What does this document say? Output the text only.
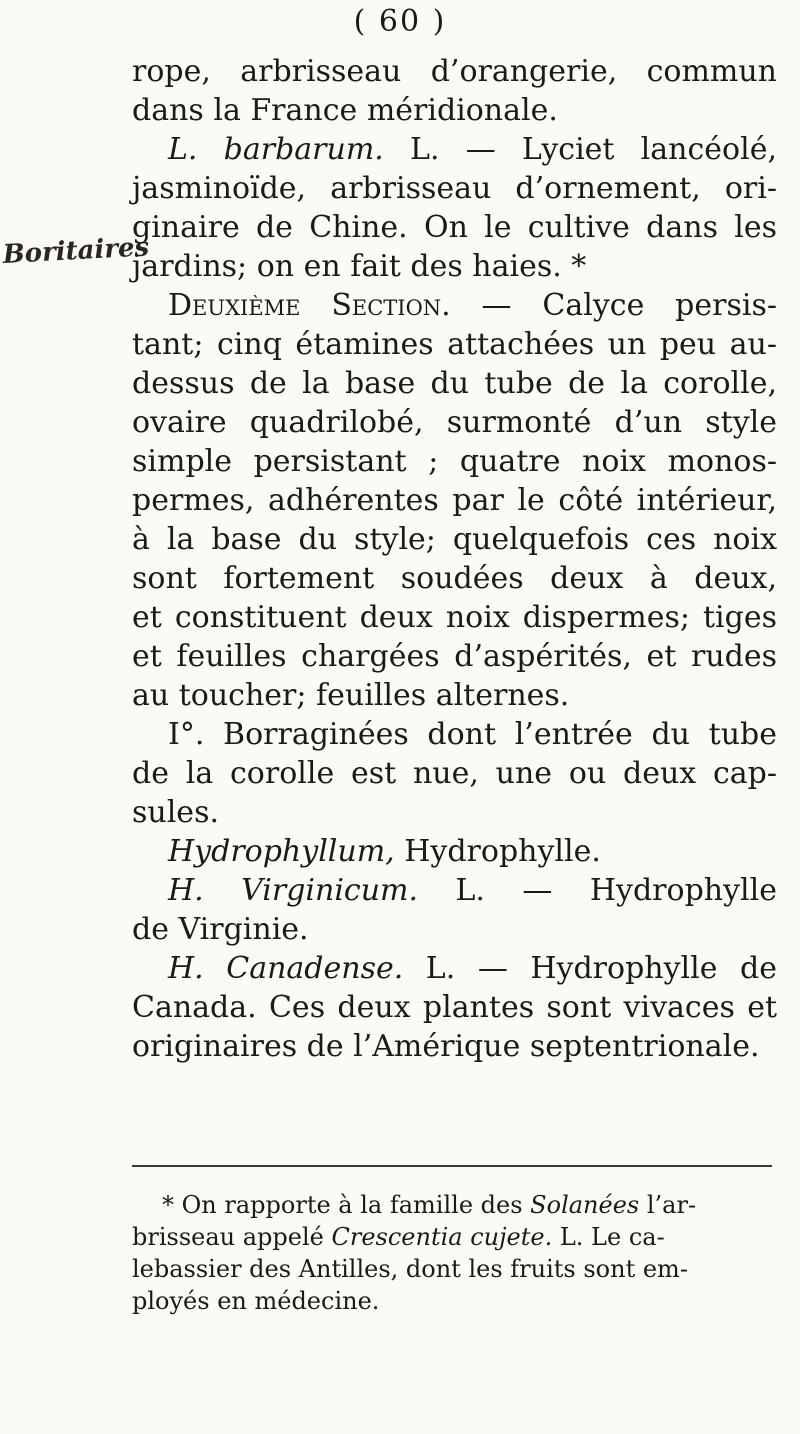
( 60 )
Boritaires
rope, arbrisseau d’orangerie, commun
dans la France méridionale.
L. barbarum. L. — Lyciet lancéolé,
jasminoïde, arbrisseau d’ornement, ori-
ginaire de Chine. On le cultive dans les
jardins; on en fait des haies. *
Deuxième Section. — Calyce persis-
tant; cinq étamines attachées un peu au-
dessus de la base du tube de la corolle,
ovaire quadrilobé, surmonté d’un style
simple persistant ; quatre noix monos-
permes, adhérentes par le côté intérieur,
à la base du style; quelquefois ces noix
sont fortement soudées deux à deux,
et constituent deux noix dispermes; tiges
et feuilles chargées d’aspérités, et rudes
au toucher; feuilles alternes.
I°. Borraginées dont l’entrée du tube
de la corolle est nue, une ou deux cap-
sules.
Hydrophyllum, Hydrophylle.
H. Virginicum. L. — Hydrophylle
de Virginie.
H. Canadense. L. — Hydrophylle de
Canada. Ces deux plantes sont vivaces et
originaires de l’Amérique septentrionale.
* On rapporte à la famille des Solanées l’ar-
brisseau appelé Crescentia cujete. L. Le ca-
lebassier des Antilles, dont les fruits sont em-
ployés en médecine.
